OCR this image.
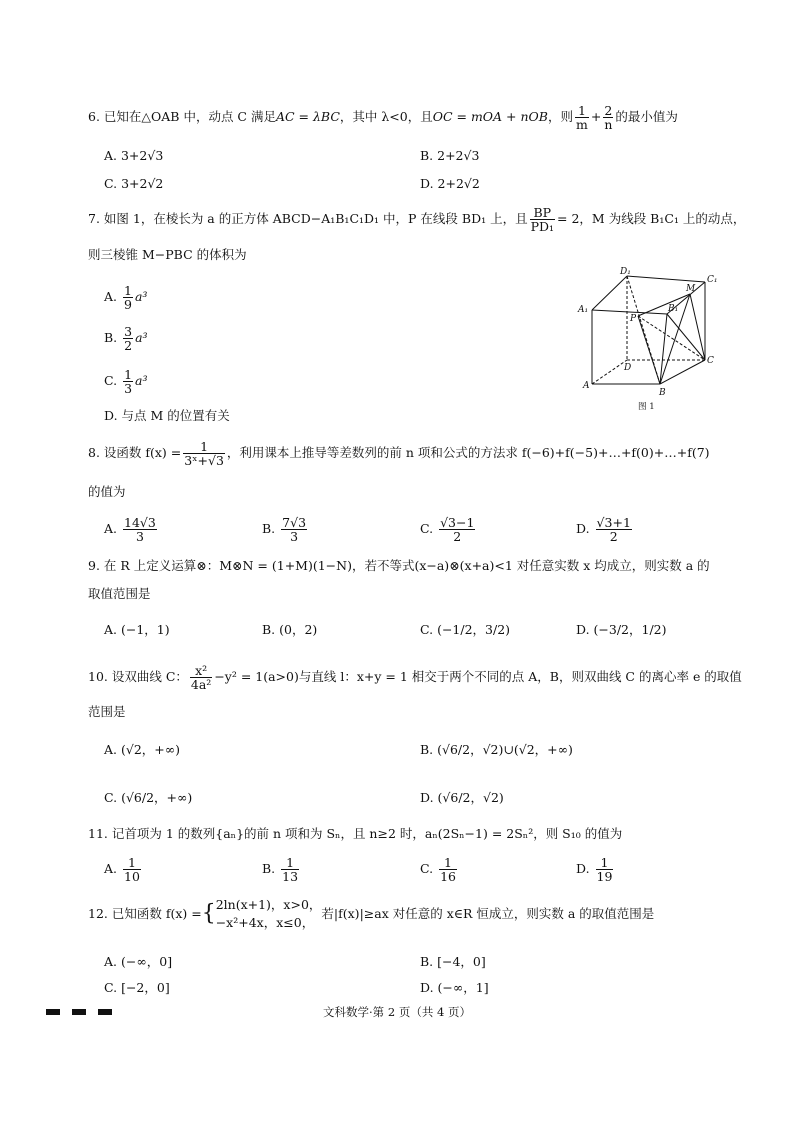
6. 已知在△OAB 中，动点 C 满足AC = λBC，其中 λ<0，且OC = mOA + nOB，则 $\frac{1}{m} + \frac{2}{n}$ 的最小值为
A. 3+2√3	B. 2+2√3
C. 3+2√2	D. 2+2√2
7. 如图 1，在棱长为 a 的正方体 ABCD−A₁B₁C₁D₁ 中，P 在线段 BD₁ 上，且 $\frac{BP}{\text{PD₁}} = 2$，M 为线段 B₁C₁ 上的动点，
则三棱锥 M−PBC 的体积为
A. $\frac{1}{9} a^3$
B. $\frac{3}{2} a^3$
C. $\frac{1}{3} a^3$
D. 与点 M 的位置有关
D₁
C₁
A₁	B₁
M
P
D
C
A
B
图 1
8. 设函数 $f(x) = \frac{1}{\text{3ˣ+√3}}$ ，利用课本上推导等差数列的前 n 项和公式的方法求 f(−6)+f(−5)+…+f(0)+…+f(7)
的值为
A. $\frac{14√3}{3}$	B. $\frac{7√3}{3}$	C. $\frac{√3-1}{2}$	D. $\frac{√3+1}{2}$
9. 在 R 上定义运算⊗：M⊗N = (1+M)(1−N)，若不等式(x−a)⊗(x+a)<1 对任意实数 x 均成立，则实数 a 的
取值范围是
A. (−1，1)	B. (0，2)	C. (−1/2，3/2)	D. (−3/2，1/2)
10. 设双曲线 C： $\frac{\text{x²}}{\text{4a²}} -y^2 = 1(a>0)$与直线 l：x+y = 1 相交于两个不同的点 A，B，则双曲线 C 的离心率 e 的取值
范围是
A. (√2，+∞)	B. (√6/2，√2)∪(√2，+∞)
C. (√6/2，+∞)	D. (√6/2，√2)
11. 记首项为 1 的数列{aₙ}的前 n 项和为 Sₙ，且 n≥2 时，aₙ(2Sₙ−1) = 2Sₙ²，则 S₁₀ 的值为
A. $\frac{1}{10}$	B. $\frac{1}{13}$	C. $\frac{1}{16}$	D. $\frac{1}{19}$
12. 已知函数 f(x) ={ 2ln(x+1)，x>0，
−x²+4x，x≤0，
若|f(x)|≥ax 对任意的 x∈R 恒成立，则实数 a 的取值范围是
A. (−∞，0]	B. [−4，0]
C. [−2，0]	D. (−∞，1]
文科数学·第 2 页（共 4 页）
